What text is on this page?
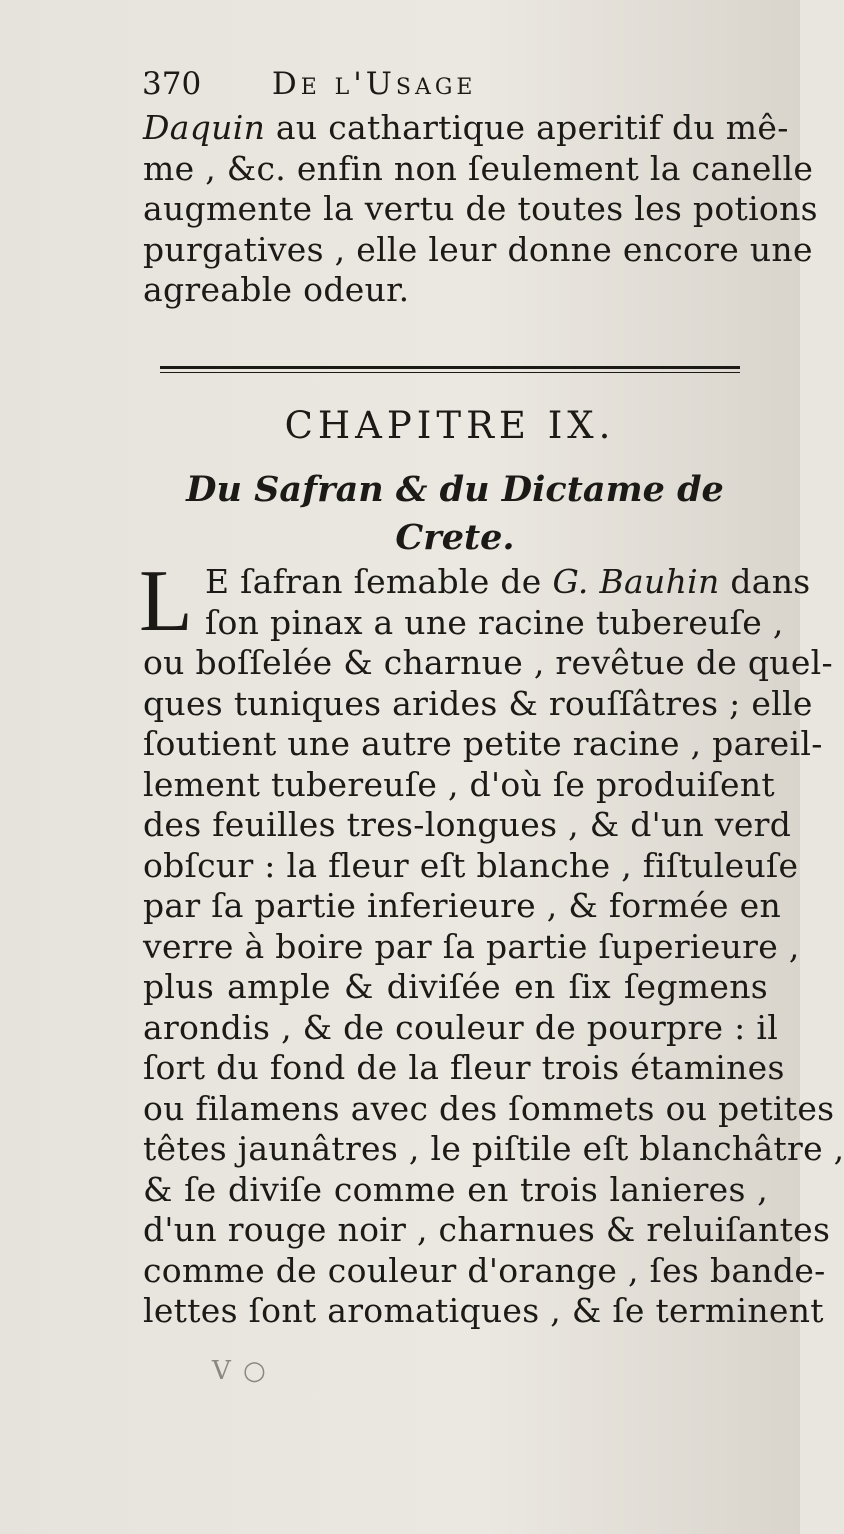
370 De l'Usage
Daquin au cathartique aperitif du mê-
me , &c. enfin non ſeulement la canelle
augmente la vertu de toutes les potions
purgatives , elle leur donne encore une
agreable odeur.
CHAPITRE IX.
Du Safran & du Dictame de Crete.
L E ſafran ſemable de G. Bauhin dans
ſon pinax a une racine tubereuſe ,
ou boſſelée & charnue , revêtue de quel-
ques tuniques arides & rouſſâtres ; elle
ſoutient une autre petite racine , pareil-
lement tubereuſe , d'où ſe produiſent
des feuilles tres-longues , & d'un verd
obſcur : la fleur eſt blanche , fiſtuleuſe
par ſa partie inferieure , & formée en
verre à boire par ſa partie ſuperieure ,
plus ample & diviſée en ſix ſegmens
arondis , & de couleur de pourpre : il
ſort du fond de la fleur trois étamines
ou filamens avec des ſommets ou petites
têtes jaunâtres , le piſtile eſt blanchâtre ,
& ſe diviſe comme en trois lanieres ,
d'un rouge noir , charnues & reluiſantes
comme de couleur d'orange , ſes bande-
lettes ſont aromatiques , & ſe terminent
V ○
